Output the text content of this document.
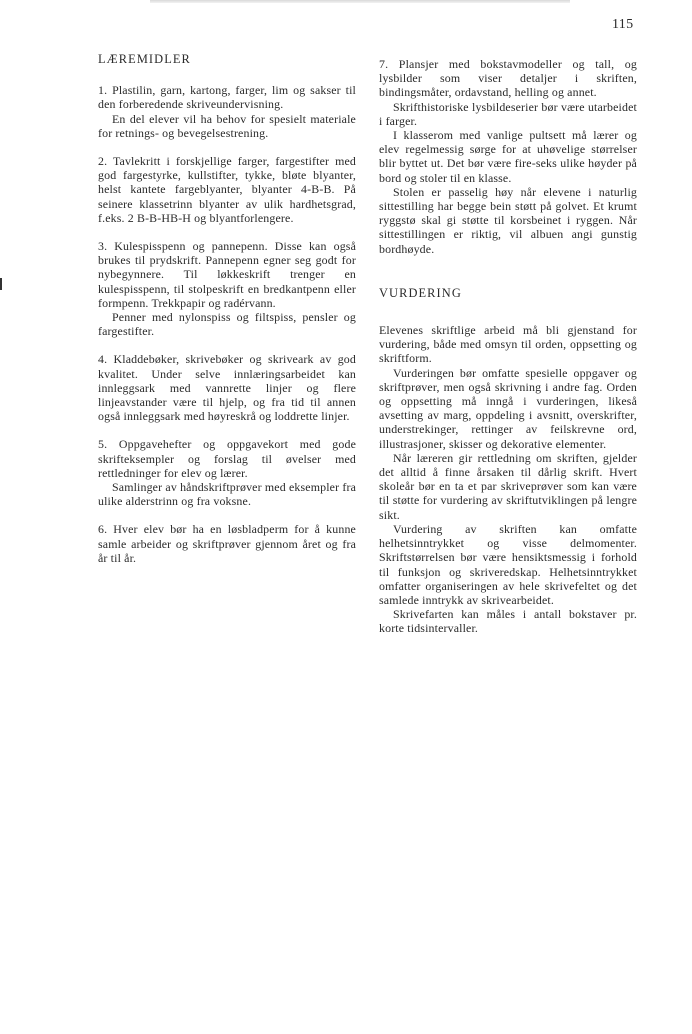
115
LÆREMIDLER

1. Plastilin, garn, kartong, farger, lim og sakser til den forberedende skriveundervisning.

En del elever vil ha behov for spesielt materiale for retnings- og bevegelsestrening.

2. Tavlekritt i forskjellige farger, fargestifter med god fargestyrke, kullstifter, tykke, bløte blyanter, helst kantete fargeblyanter, blyanter 4-B-B. På seinere klassetrinn blyanter av ulik hardhetsgrad, f.eks. 2 B-B-HB-H og blyantforlengere.

3. Kulespisspenn og pannepenn. Disse kan også brukes til prydskrift. Pannepenn egner seg godt for nybegynnere. Til løkkeskrift trenger en kulespisspenn, til stolpeskrift en bredkantpenn eller formpenn. Trekkpapir og radérvann.

Penner med nylonspiss og filtspiss, pensler og fargestifter.

4. Kladdebøker, skrivebøker og skriveark av god kvalitet. Under selve innlæringsarbeidet kan innleggsark med vannrette linjer og flere linjeavstander være til hjelp, og fra tid til annen også innleggsark med høyreskrå og loddrette linjer.

5. Oppgavehefter og oppgavekort med gode skrifteksempler og forslag til øvelser med rettledninger for elev og lærer.

Samlinger av håndskriftprøver med eksempler fra ulike alderstrinn og fra voksne.

6. Hver elev bør ha en løsbladperm for å kunne samle arbeider og skriftprøver gjennom året og fra år til år.

7. Plansjer med bokstavmodeller og tall, og lysbilder som viser detaljer i skriften, bindingsmåter, ordavstand, helling og annet.

Skrifthistoriske lysbildeserier bør være utarbeidet i farger.

I klasserom med vanlige pultsett må lærer og elev regelmessig sørge for at uhøvelige størrelser blir byttet ut. Det bør være fire-seks ulike høyder på bord og stoler til en klasse.

Stolen er passelig høy når elevene i naturlig sittestilling har begge bein støtt på golvet. Et krumt ryggstø skal gi støtte til korsbeinet i ryggen. Når sittestillingen er riktig, vil albuen angi gunstig bordhøyde.

VURDERING

Elevenes skriftlige arbeid må bli gjenstand for vurdering, både med omsyn til orden, oppsetting og skriftform.

Vurderingen bør omfatte spesielle oppgaver og skriftprøver, men også skrivning i andre fag. Orden og oppsetting må inngå i vurderingen, likeså avsetting av marg, oppdeling i avsnitt, overskrifter, understrekinger, rettinger av feilskrevne ord, illustrasjoner, skisser og dekorative elementer.

Når læreren gir rettledning om skriften, gjelder det alltid å finne årsaken til dårlig skrift. Hvert skoleår bør en ta et par skriveprøver som kan være til støtte for vurdering av skriftutviklingen på lengre sikt.

Vurdering av skriften kan omfatte helhetsinntrykket og visse delmomenter. Skriftstørrelsen bør være hensiktsmessig i forhold til funksjon og skriveredskap. Helhetsinntrykket omfatter organiseringen av hele skrivefeltet og det samlede inntrykk av skrivearbeidet.

Skrivefarten kan måles i antall bokstaver pr. korte tidsintervaller.
